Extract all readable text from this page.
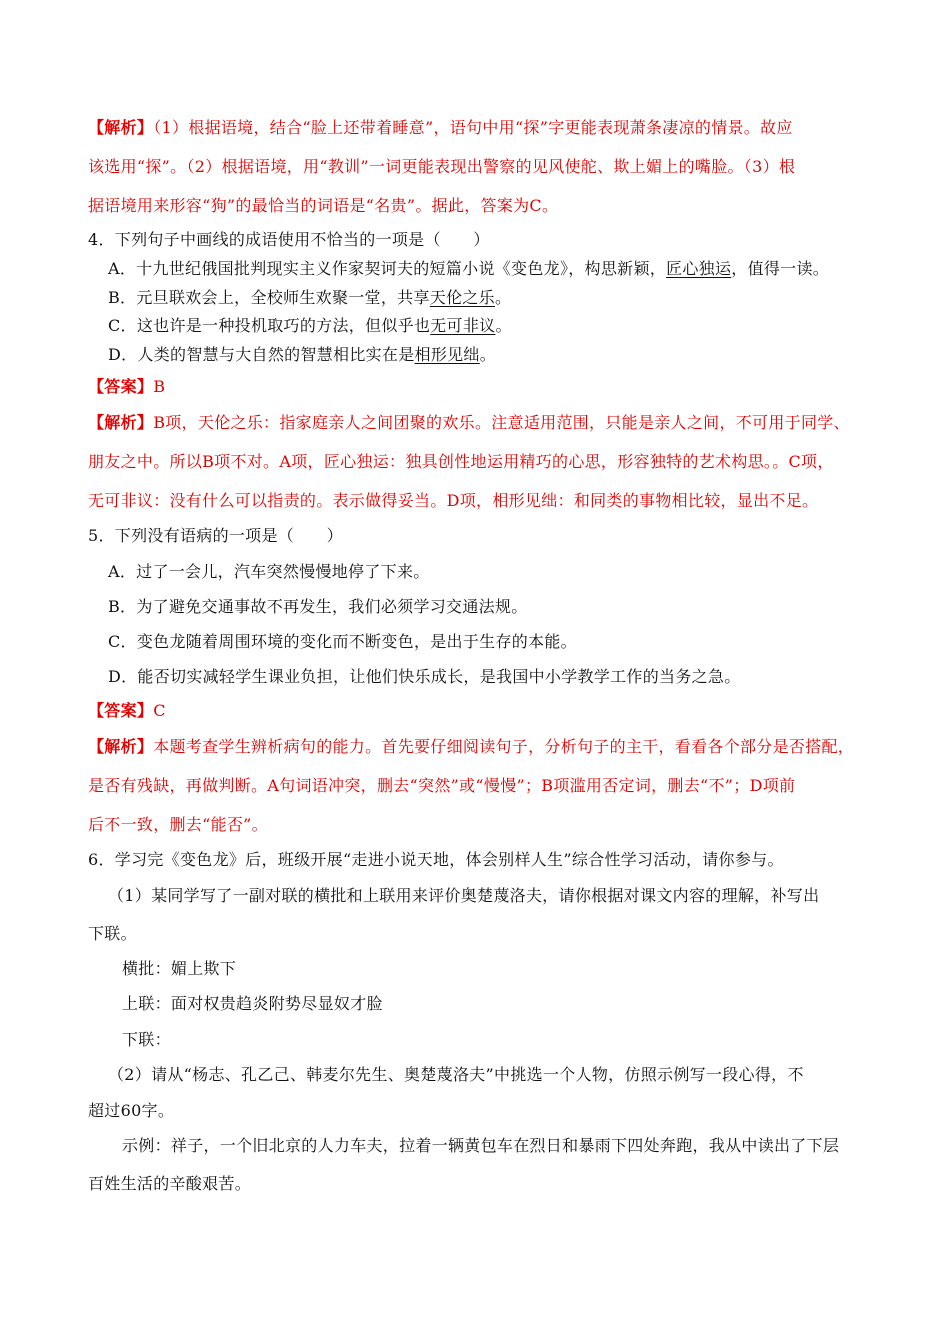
【解析】（1）根据语境，结合“脸上还带着睡意”，语句中用“探”字更能表现萧条凄凉的情景。故应
该选用“探”。（2）根据语境，用“教训”一词更能表现出警察的见风使舵、欺上媚上的嘴脸。（3）根
据语境用来形容“狗”的最恰当的词语是“名贵”。据此，答案为C。
4．下列句子中画线的成语使用不恰当的一项是（　　）
A．十九世纪俄国批判现实主义作家契诃夫的短篇小说《变色龙》，构思新颖，匠心独运，值得一读。
B．元旦联欢会上，全校师生欢聚一堂，共享天伦之乐。
C．这也许是一种投机取巧的方法，但似乎也无可非议。
D．人类的智慧与大自然的智慧相比实在是相形见绌。
【答案】B
【解析】B项，天伦之乐：指家庭亲人之间团聚的欢乐。注意适用范围，只能是亲人之间，不可用于同学、
朋友之中。所以B项不对。A项，匠心独运：独具创性地运用精巧的心思，形容独特的艺术构思。。C项，
无可非议：没有什么可以指责的。表示做得妥当。D项，相形见绌：和同类的事物相比较，显出不足。
5．下列没有语病的一项是（　　）
A．过了一会儿，汽车突然慢慢地停了下来。
B．为了避免交通事故不再发生，我们必须学习交通法规。
C．变色龙随着周围环境的变化而不断变色，是出于生存的本能。
D．能否切实减轻学生课业负担，让他们快乐成长，是我国中小学教学工作的当务之急。
【答案】C
【解析】本题考查学生辨析病句的能力。首先要仔细阅读句子，分析句子的主干，看看各个部分是否搭配，
是否有残缺，再做判断。A句词语冲突，删去“突然”或“慢慢”；B项滥用否定词，删去“不”；D项前
后不一致，删去“能否”。
6．学习完《变色龙》后，班级开展“走进小说天地，体会别样人生”综合性学习活动，请你参与。
（1）某同学写了一副对联的横批和上联用来评价奥楚蔑洛夫，请你根据对课文内容的理解，补写出
下联。
横批：媚上欺下
上联：面对权贵趋炎附势尽显奴才脸
下联：
（2）请从“杨志、孔乙己、韩麦尔先生、奥楚蔑洛夫”中挑选一个人物，仿照示例写一段心得，不
超过60字。
示例：祥子，一个旧北京的人力车夫，拉着一辆黄包车在烈日和暴雨下四处奔跑，我从中读出了下层
百姓生活的辛酸艰苦。
